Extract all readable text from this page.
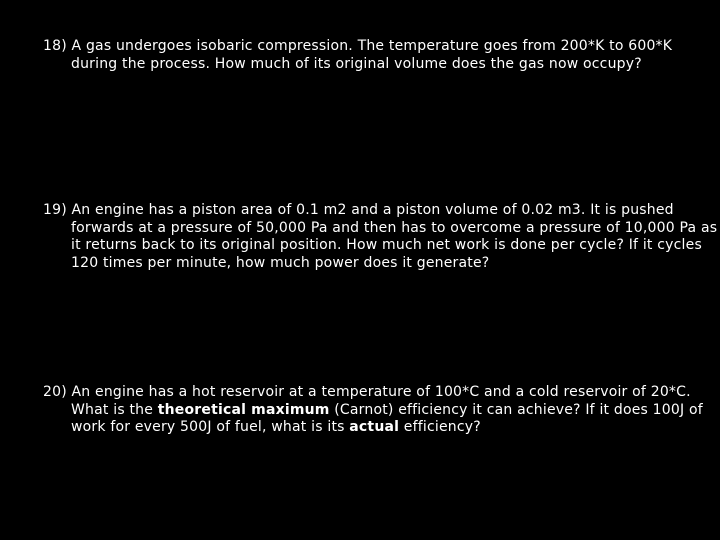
18) A gas undergoes isobaric compression. The temperature goes from 200*K to 600*K during the process. How much of its original volume does the gas now occupy?
19) An engine has a piston area of 0.1 m2 and a piston volume of 0.02 m3. It is pushed forwards at a pressure of 50,000 Pa and then has to overcome a pressure of 10,000 Pa as it returns back to its original position. How much net work is done per cycle? If it cycles 120 times per minute, how much power does it generate?
20) An engine has a hot reservoir at a temperature of 100*C and a cold reservoir of 20*C. What is the theoretical maximum (Carnot) efficiency it can achieve? If it does 100J of work for every 500J of fuel, what is its actual efficiency?
